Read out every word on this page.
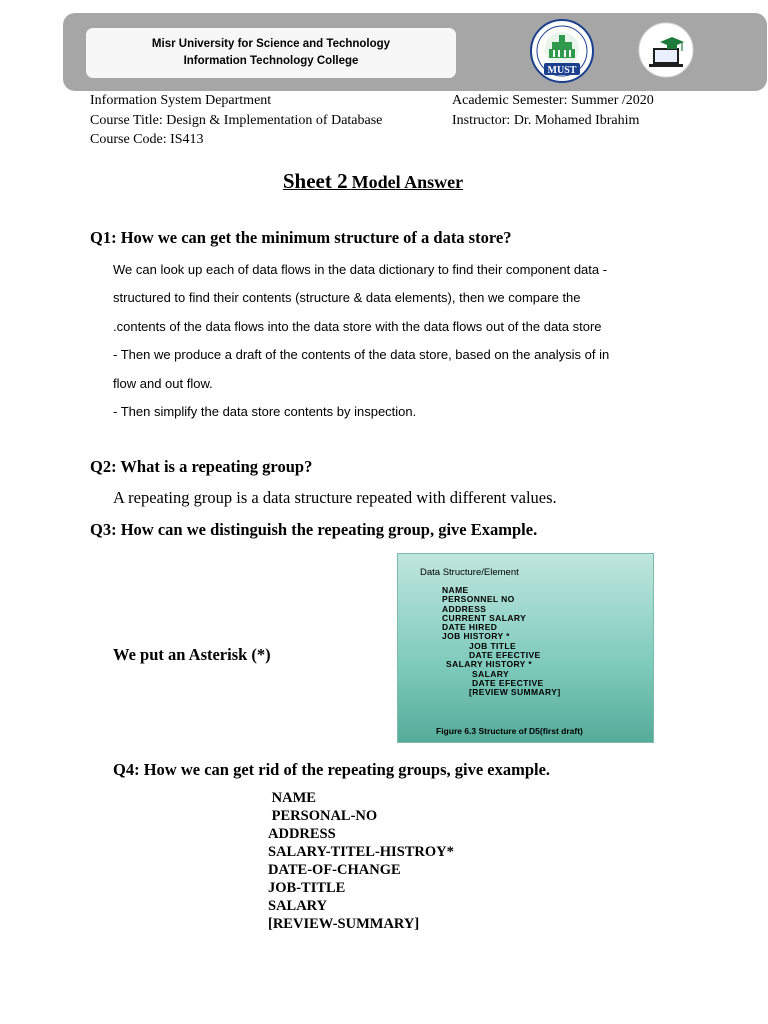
Misr University for Science and Technology
Information Technology College
MUST
Information System Department
Course Title: Design & Implementation of Database
Course Code: IS413
Academic Semester: Summer /2020
Instructor: Dr. Mohamed Ibrahim
Sheet 2 Model Answer
Q1: How we can get the minimum structure of a data store?
We can look up each of data flows in the data dictionary to find their component data -
structured to find their contents (structure & data elements), then we compare the
.contents of the data flows into the data store with the data flows out of the data store
- Then we produce a draft of the contents of the data store, based on the analysis of in
flow and out flow.
- Then simplify the data store contents by inspection.
Q2: What is a repeating group?
A repeating group is a data structure repeated with different values.
Q3: How can we distinguish the repeating group, give Example.
We put an Asterisk (*)
Data Structure/Element
NAME
PERSONNEL NO
ADDRESS
CURRENT SALARY
DATE HIRED
JOB HISTORY *
JOB TITLE
DATE EFECTIVE
SALARY HISTORY *
SALARY
DATE EFECTIVE
[REVIEW SUMMARY]
Figure 6.3 Structure of D5(first draft)
Q4: How we can get rid of the repeating groups, give example.
NAME
PERSONAL-NO
ADDRESS
SALARY-TITEL-HISTROY*
DATE-OF-CHANGE
JOB-TITLE
SALARY
[REVIEW-SUMMARY]
